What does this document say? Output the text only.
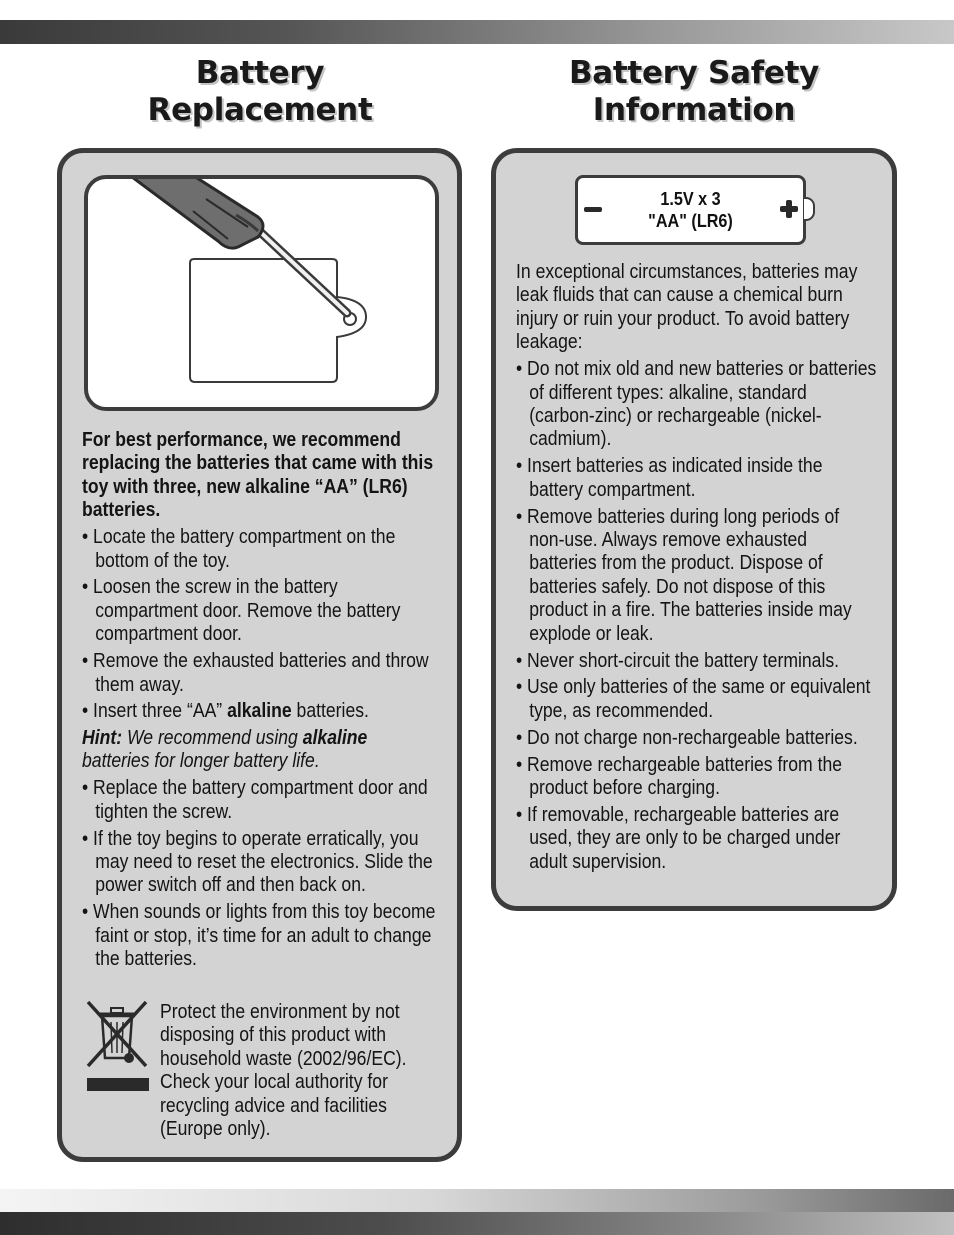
Battery
Replacement
Battery Safety
Information

For best performance, we recommend replacing the batteries that came with this toy with three, new alkaline “AA” (LR6) batteries.

• Locate the battery compartment on the bottom of the toy.

• Loosen the screw in the battery compartment door. Remove the battery compartment door.

• Remove the exhausted batteries and throw them away.

• Insert three “AA” alkaline batteries.

Hint: We recommend using alkaline batteries for longer battery life.

• Replace the battery compartment door and tighten the screw.

• If the toy begins to operate erratically, you may need to reset the electronics. Slide the power switch off and then back on.

• When sounds or lights from this toy become faint or stop, it’s time for an adult to change the batteries.

Protect the environment by not disposing of this product with household waste (2002/96/EC). Check your local authority for recycling advice and facilities (Europe only).
1.5V x 3
"AA" (LR6)

In exceptional circumstances, batteries may leak fluids that can cause a chemical burn injury or ruin your product. To avoid battery leakage:

• Do not mix old and new batteries or batteries of different types: alkaline, standard (carbon-zinc) or rechargeable (nickel-cadmium).

• Insert batteries as indicated inside the battery compartment.

• Remove batteries during long periods of non-use. Always remove exhausted batteries from the product. Dispose of batteries safely. Do not dispose of this product in a fire. The batteries inside may explode or leak.

• Never short-circuit the battery terminals.

• Use only batteries of the same or equivalent type, as recommended.

• Do not charge non-rechargeable batteries.

• Remove rechargeable batteries from the product before charging.

• If removable, rechargeable batteries are used, they are only to be charged under adult supervision.
